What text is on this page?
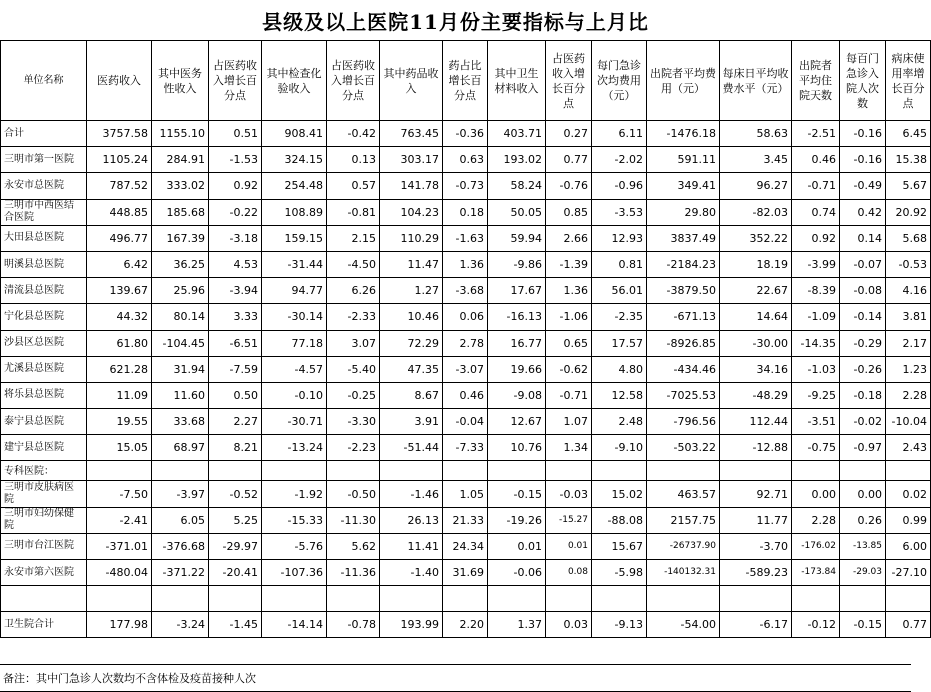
县级及以上医院11月份主要指标与上月比
单位名称	医药收入	其中医务性收入	占医药收入增长百分点	其中检查化验收入	占医药收入增长百分点	其中药品收入	药占比增长百分点	其中卫生材料收入	占医药收入增长百分点	每门急诊次均费用（元）	出院者平均费用（元）	每床日平均收费水平（元）	出院者平均住院天数	每百门急诊入院人次数	病床使用率增长百分点
合计	3757.58	1155.10	0.51	908.41	-0.42	763.45	-0.36	403.71	0.27	6.11	-1476.18	58.63	-2.51	-0.16	6.45
三明市第一医院	1105.24	284.91	-1.53	324.15	0.13	303.17	0.63	193.02	0.77	-2.02	591.11	3.45	0.46	-0.16	15.38
永安市总医院	787.52	333.02	0.92	254.48	0.57	141.78	-0.73	58.24	-0.76	-0.96	349.41	96.27	-0.71	-0.49	5.67
三明市中西医结合医院	448.85	185.68	-0.22	108.89	-0.81	104.23	0.18	50.05	0.85	-3.53	29.80	-82.03	0.74	0.42	20.92
大田县总医院	496.77	167.39	-3.18	159.15	2.15	110.29	-1.63	59.94	2.66	12.93	3837.49	352.22	0.92	0.14	5.68
明溪县总医院	6.42	36.25	4.53	-31.44	-4.50	11.47	1.36	-9.86	-1.39	0.81	-2184.23	18.19	-3.99	-0.07	-0.53
清流县总医院	139.67	25.96	-3.94	94.77	6.26	1.27	-3.68	17.67	1.36	56.01	-3879.50	22.67	-8.39	-0.08	4.16
宁化县总医院	44.32	80.14	3.33	-30.14	-2.33	10.46	0.06	-16.13	-1.06	-2.35	-671.13	14.64	-1.09	-0.14	3.81
沙县区总医院	61.80	-104.45	-6.51	77.18	3.07	72.29	2.78	16.77	0.65	17.57	-8926.85	-30.00	-14.35	-0.29	2.17
尤溪县总医院	621.28	31.94	-7.59	-4.57	-5.40	47.35	-3.07	19.66	-0.62	4.80	-434.46	34.16	-1.03	-0.26	1.23
将乐县总医院	11.09	11.60	0.50	-0.10	-0.25	8.67	0.46	-9.08	-0.71	12.58	-7025.53	-48.29	-9.25	-0.18	2.28
泰宁县总医院	19.55	33.68	2.27	-30.71	-3.30	3.91	-0.04	12.67	1.07	2.48	-796.56	112.44	-3.51	-0.02	-10.04
建宁县总医院	15.05	68.97	8.21	-13.24	-2.23	-51.44	-7.33	10.76	1.34	-9.10	-503.22	-12.88	-0.75	-0.97	2.43
专科医院：															
三明市皮肤病医院	-7.50	-3.97	-0.52	-1.92	-0.50	-1.46	1.05	-0.15	-0.03	15.02	463.57	92.71	0.00	0.00	0.02
三明市妇幼保健院	-2.41	6.05	5.25	-15.33	-11.30	26.13	21.33	-19.26	-15.27	-88.08	2157.75	11.77	2.28	0.26	0.99
三明市台江医院	-371.01	-376.68	-29.97	-5.76	5.62	11.41	24.34	0.01	0.01	15.67	-26737.90	-3.70	-176.02	-13.85	6.00
永安市第六医院	-480.04	-371.22	-20.41	-107.36	-11.36	-1.40	31.69	-0.06	0.08	-5.98	-140132.31	-589.23	-173.84	-29.03	-27.10

卫生院合计	177.98	-3.24	-1.45	-14.14	-0.78	193.99	2.20	1.37	0.03	-9.13	-54.00	-6.17	-0.12	-0.15	0.77
备注：其中门急诊人次数均不含体检及疫苗接种人次
